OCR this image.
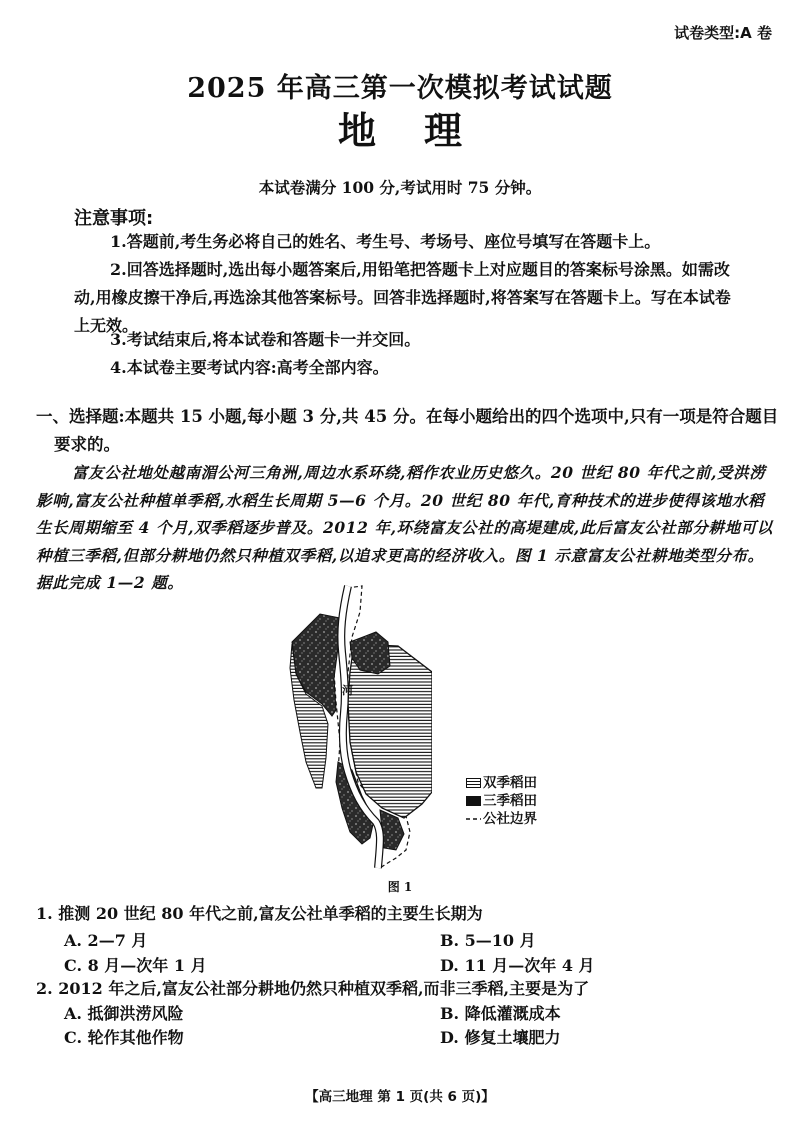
试卷类型:A 卷
2025 年高三第一次模拟考试试题
地理
本试卷满分 100 分,考试用时 75 分钟。
注意事项:
1.答题前,考生务必将自己的姓名、考生号、考场号、座位号填写在答题卡上。
2.回答选择题时,选出每小题答案后,用铅笔把答题卡上对应题目的答案标号涂黑。如需改动,用橡皮擦干净后,再选涂其他答案标号。回答非选择题时,将答案写在答题卡上。写在本试卷上无效。
3.考试结束后,将本试卷和答题卡一并交回。
4.本试卷主要考试内容:高考全部内容。
一、选择题:本题共 15 小题,每小题 3 分,共 45 分。在每小题给出的四个选项中,只有一项是符合题目要求的。
富友公社地处越南湄公河三角洲,周边水系环绕,稻作农业历史悠久。20 世纪 80 年代之前,受洪涝影响,富友公社种植单季稻,水稻生长周期 5—6 个月。20 世纪 80 年代,育种技术的进步使得该地水稻生长周期缩至 4 个月,双季稻逐步普及。2012 年,环绕富友公社的高堤建成,此后富友公社部分耕地可以种植三季稻,但部分耕地仍然只种植双季稻,以追求更高的经济收入。图 1 示意富友公社耕地类型分布。据此完成 1—2 题。
河
双季稻田
三季稻田
公社边界
图 1
1. 推测 20 世纪 80 年代之前,富友公社单季稻的主要生长期为
A. 2—7 月	B. 5—10 月
C. 8 月—次年 1 月	D. 11 月—次年 4 月
2. 2012 年之后,富友公社部分耕地仍然只种植双季稻,而非三季稻,主要是为了
A. 抵御洪涝风险	B. 降低灌溉成本
C. 轮作其他作物	D. 修复土壤肥力
【高三地理 第 1 页(共 6 页)】
